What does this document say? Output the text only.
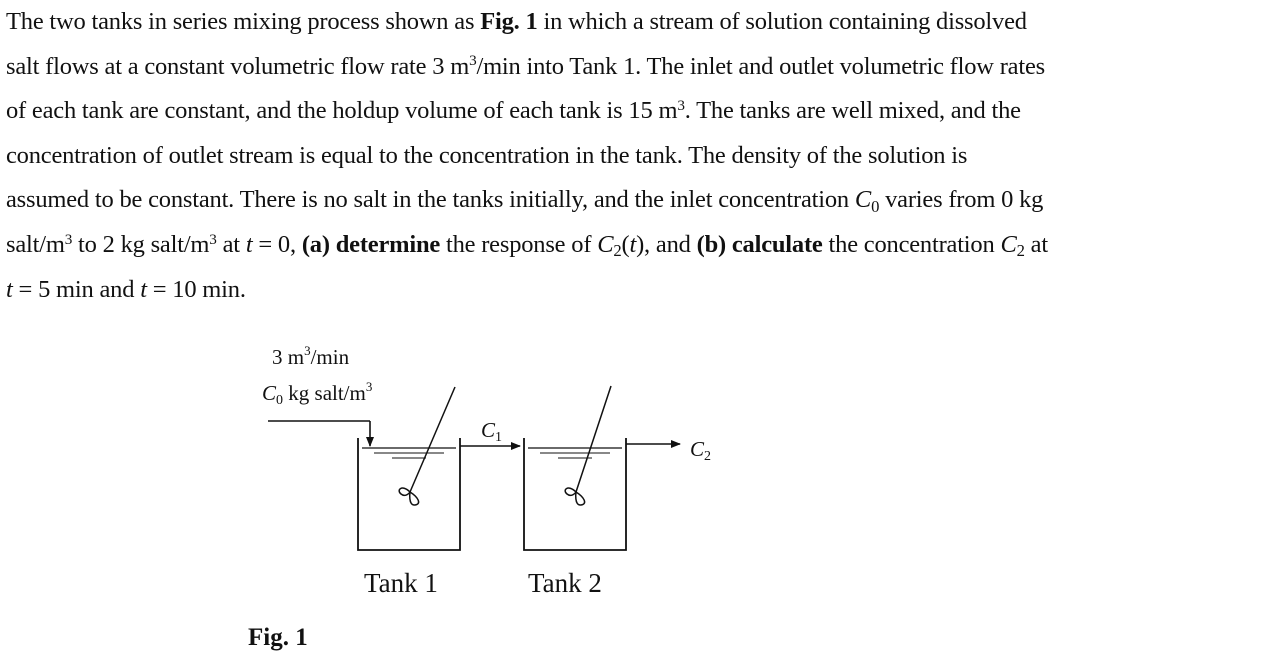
The two tanks in series mixing process shown as Fig. 1 in which a stream of solution containing dissolved
salt flows at a constant volumetric flow rate 3 $m^3/\min$ into Tank 1. The inlet and outlet volumetric flow rates
of each tank are constant, and the holdup volume of each tank is 15 $m^3$. The tanks are well mixed, and the
concentration of outlet stream is equal to the concentration in the tank. The density of the solution is
assumed to be constant. There is no salt in the tanks initially, and the inlet concentration $C_0$ varies from 0 kg
salt/$m^3$ to 2 kg salt/$m^3$ at t = 0, (a) determine the response of $C_2(t)$, and (b) calculate the concentration $C_2$ at
t = 5 min and t = 10 min.
3 $m^3/\min$
C0 kg salt/$m^3$
C1	C2
Tank 1	Tank 2
Fig. 1
